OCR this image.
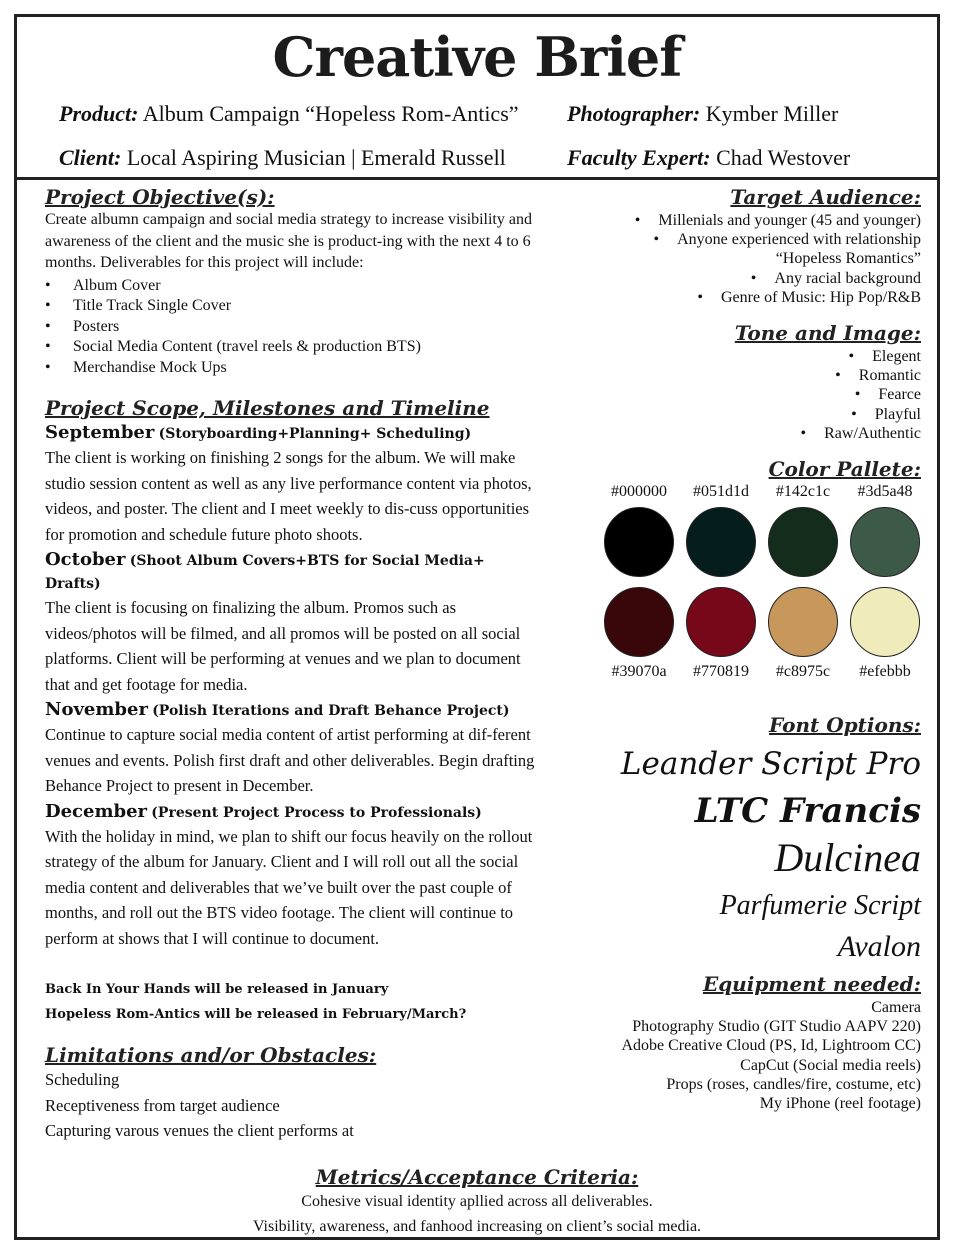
Creative Brief
Product: Album Campaign “Hopeless Rom-Antics”
Client: Local Aspiring Musician | Emerald Russell
Photographer: Kymber Miller
Faculty Expert: Chad Westover
Project Objective(s):

Create albumn campaign and social media strategy to increase visibility and awareness of the client and the music she is product-ing with the next 4 to 6 months. Deliverables for this project will include:

• Album Cover
• Title Track Single Cover
• Posters
• Social Media Content (travel reels & production BTS)
• Merchandise Mock Ups
Project Scope, Milestones and Timeline
September (Storyboarding+Planning+ Scheduling)
The client is working on finishing 2 songs for the album. We will make studio session content as well as any live performance content via photos, videos, and poster. The client and I meet weekly to dis-cuss opportunities for promotion and schedule future photo shoots.
October (Shoot Album Covers+BTS for Social Media+ Drafts)
The client is focusing on finalizing the album. Promos such as videos/photos will be filmed, and all promos will be posted on all social platforms. Client will be performing at venues and we plan to document that and get footage for media.
November (Polish Iterations and Draft Behance Project)
Continue to capture social media content of artist performing at dif-ferent venues and events. Polish first draft and other deliverables. Begin drafting Behance Project to present in December.
December (Present Project Process to Professionals)
With the holiday in mind, we plan to shift our focus heavily on the rollout strategy of the album for January. Client and I will roll out all the social media content and deliverables that we’ve built over the past couple of months, and roll out the BTS video footage. The client will continue to perform at shows that I will continue to document.
Back In Your Hands will be released in January
Hopeless Rom-Antics will be released in February/March?
Limitations and/or Obstacles:
Scheduling
Receptiveness from target audience
Capturing varous venues the client performs at
Target Audience:
• Millenials and younger (45 and younger)
• Anyone experienced with relationship
“Hopeless Romantics”
• Any racial background
• Genre of Music: Hip Pop/R&B
Tone and Image:
• Elegent
• Romantic
• Fearce
• Playful
• Raw/Authentic
Color Pallete:
#000000	#051d1d	#142c1c	#3d5a48
#39070a	#770819	#c8975c	#efebbb
Font Options:
Leander Script Pro
LTC Francis
Dulcinea
Parfumerie Script
Avalon
Equipment needed:
Camera
Photography Studio (GIT Studio AAPV 220)
Adobe Creative Cloud (PS, Id, Lightroom CC)
CapCut (Social media reels)
Props (roses, candles/fire, costume, etc)
My iPhone (reel footage)
Metrics/Acceptance Criteria:
Cohesive visual identity apllied across all deliverables.
Visibility, awareness, and fanhood increasing on client’s social media.
